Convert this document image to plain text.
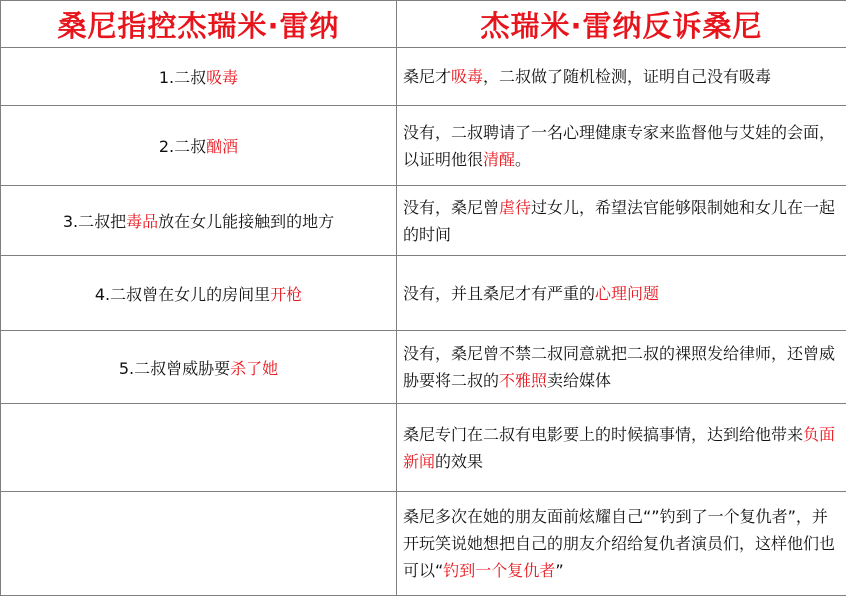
桑尼指控杰瑞米·雷纳	杰瑞米·雷纳反诉桑尼
1.二叔吸毒	桑尼才吸毒，二叔做了随机检测，证明自己没有吸毒
2.二叔酗酒	没有，二叔聘请了一名心理健康专家来监督他与艾娃的会面，以证明他很清醒。
3.二叔把毒品放在女儿能接触到的地方	没有，桑尼曾虐待过女儿，希望法官能够限制她和女儿在一起的时间
4.二叔曾在女儿的房间里开枪	没有，并且桑尼才有严重的心理问题
5.二叔曾威胁要杀了她	没有，桑尼曾不禁二叔同意就把二叔的裸照发给律师，还曾威胁要将二叔的不雅照卖给媒体
	桑尼专门在二叔有电影要上的时候搞事情，达到给他带来负面新闻的效果
	桑尼多次在她的朋友面前炫耀自己“”钓到了一个复仇者”，并开玩笑说她想把自己的朋友介绍给复仇者演员们，这样他们也可以“钓到一个复仇者”
